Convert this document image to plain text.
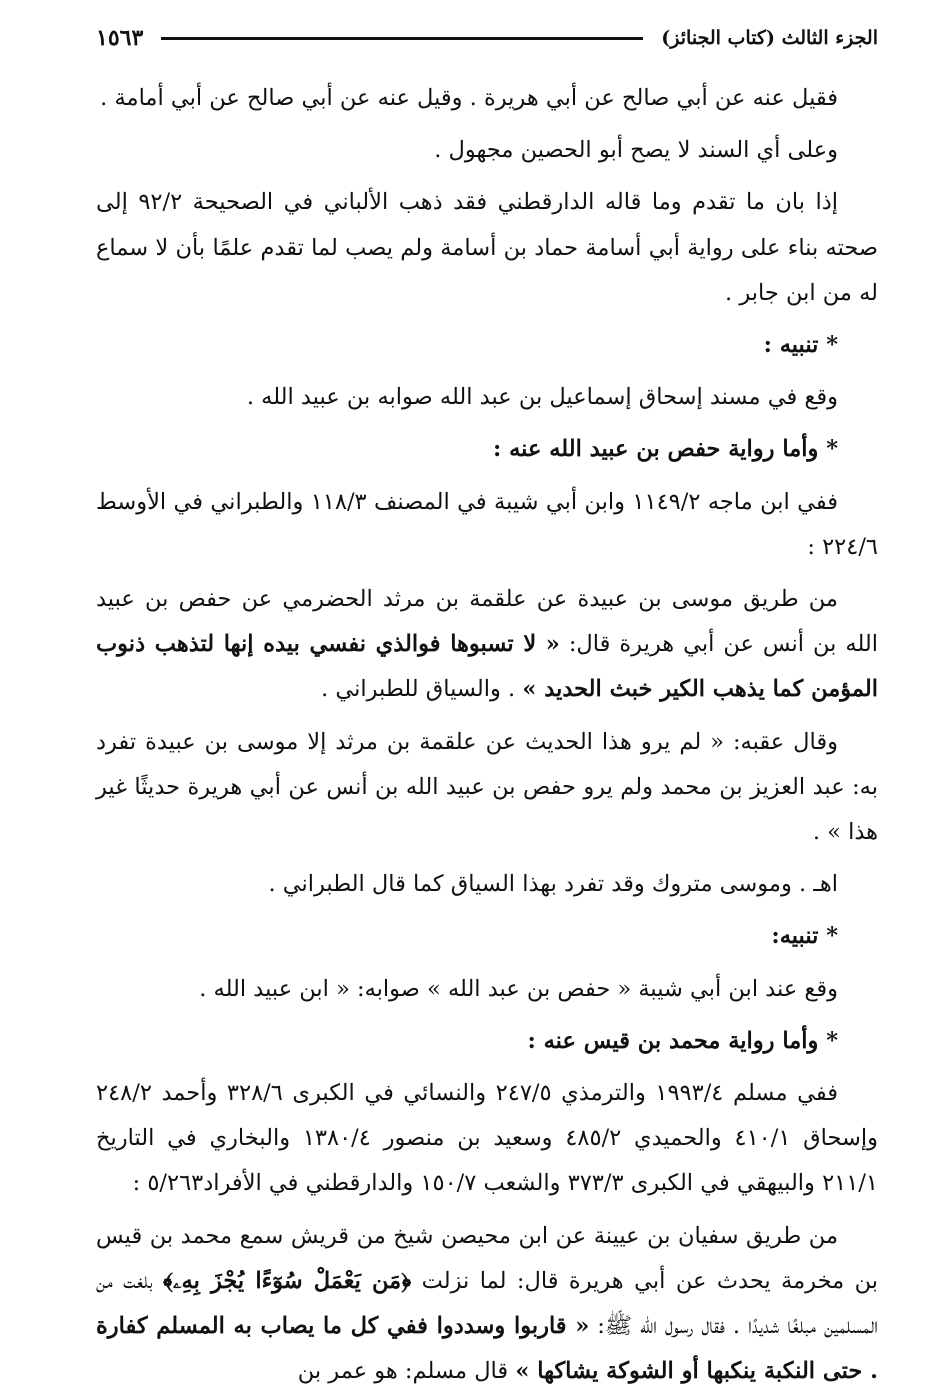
الجزء الثالث (كتاب الجنائز)
١٥٦٣

فقيل عنه عن أبي صالح عن أبي هريرة . وقيل عنه عن أبي صالح عن أبي أمامة .

وعلى أي السند لا يصح أبو الحصين مجهول .

إذا بان ما تقدم وما قاله الدارقطني فقد ذهب الألباني في الصحيحة ٩٢/٢ إلى صحته بناء على رواية أبي أسامة حماد بن أسامة ولم يصب لما تقدم علمًا بأن لا سماع له من ابن جابر .

* تنبيه :

وقع في مسند إسحاق إسماعيل بن عبد الله صوابه بن عبيد الله .

* وأما رواية حفص بن عبيد الله عنه :

ففي ابن ماجه ١١٤٩/٢ وابن أبي شيبة في المصنف ١١٨/٣ والطبراني في الأوسط ٢٢٤/٦ :

من طريق موسى بن عبيدة عن علقمة بن مرثد الحضرمي عن حفص بن عبيد الله بن أنس عن أبي هريرة قال: « لا تسبوها فوالذي نفسي بيده إنها لتذهب ذنوب المؤمن كما يذهب الكير خبث الحديد » . والسياق للطبراني .

وقال عقبه: « لم يرو هذا الحديث عن علقمة بن مرثد إلا موسى بن عبيدة تفرد به: عبد العزيز بن محمد ولم يرو حفص بن عبيد الله بن أنس عن أبي هريرة حديثًا غير هذا » .

اهـ . وموسى متروك وقد تفرد بهذا السياق كما قال الطبراني .

* تنبيه:

وقع عند ابن أبي شيبة « حفص بن عبد الله » صوابه: « ابن عبيد الله .

* وأما رواية محمد بن قيس عنه :

ففي مسلم ١٩٩٣/٤ والترمذي ٢٤٧/٥ والنسائي في الكبرى ٣٢٨/٦ وأحمد ٢٤٨/٢ وإسحاق ٤١٠/١ والحميدي ٤٨٥/٢ وسعيد بن منصور ١٣٨٠/٤ والبخاري في التاريخ ٢١١/١ والبيهقي في الكبرى ٣٧٣/٣ والشعب ١٥٠/٧ والدارقطني في الأفراد٥/٢٦٣ :

من طريق سفيان بن عيينة عن ابن محيصن شيخ من قريش سمع محمد بن قيس بن مخرمة يحدث عن أبي هريرة قال: لما نزلت ﴿مَن يَعْمَلْ سُوٓءًا يُجْزَ بِهِۦ﴾ بلغت من المسلمين مبلغًا شديدًا . فقال رسول الله ﷺ: « قاربوا وسددوا ففي كل ما يصاب به المسلم كفارة . حتى النكبة ينكبها أو الشوكة يشاكها » قال مسلم: هو عمر بن
